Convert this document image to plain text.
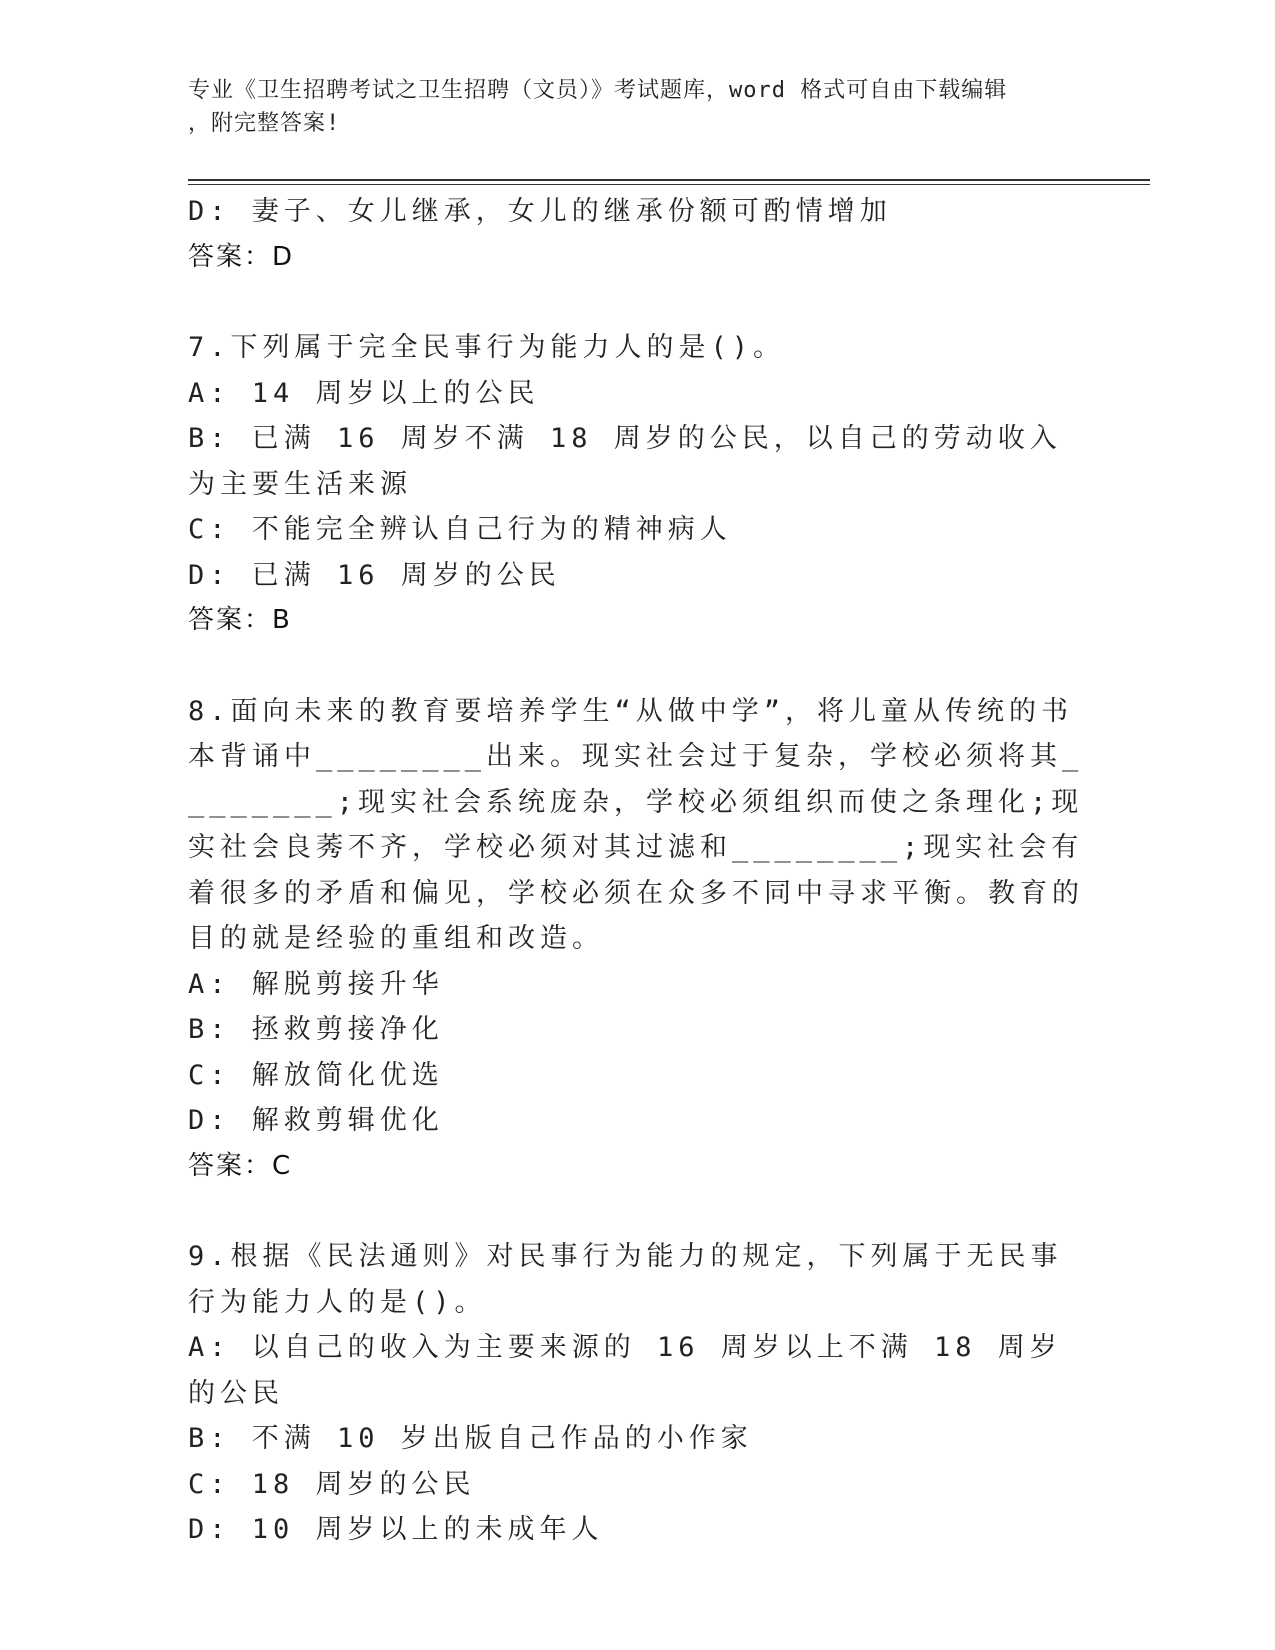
专业《卫生招聘考试之卫生招聘（文员）》考试题库，word 格式可自由下载编辑
，附完整答案!
D: 妻子、女儿继承，女儿的继承份额可酌情增加
答案：D
7.下列属于完全民事行为能力人的是()。
A: 14 周岁以上的公民
B: 已满 16 周岁不满 18 周岁的公民，以自己的劳动收入为主要生活来源
C: 不能完全辨认自己行为的精神病人
D: 已满 16 周岁的公民
答案：B
8.面向未来的教育要培养学生“从做中学”，将儿童从传统的书本背诵中________出来。现实社会过于复杂，学校必须将其________;现实社会系统庞杂，学校必须组织而使之条理化;现实社会良莠不齐，学校必须对其过滤和________;现实社会有着很多的矛盾和偏见，学校必须在众多不同中寻求平衡。教育的目的就是经验的重组和改造。
A: 解脱剪接升华
B: 拯救剪接净化
C: 解放简化优选
D: 解救剪辑优化
答案：C
9.根据《民法通则》对民事行为能力的规定，下列属于无民事行为能力人的是()。
A: 以自己的收入为主要来源的 16 周岁以上不满 18 周岁的公民
B: 不满 10 岁出版自己作品的小作家
C: 18 周岁的公民
D: 10 周岁以上的未成年人
